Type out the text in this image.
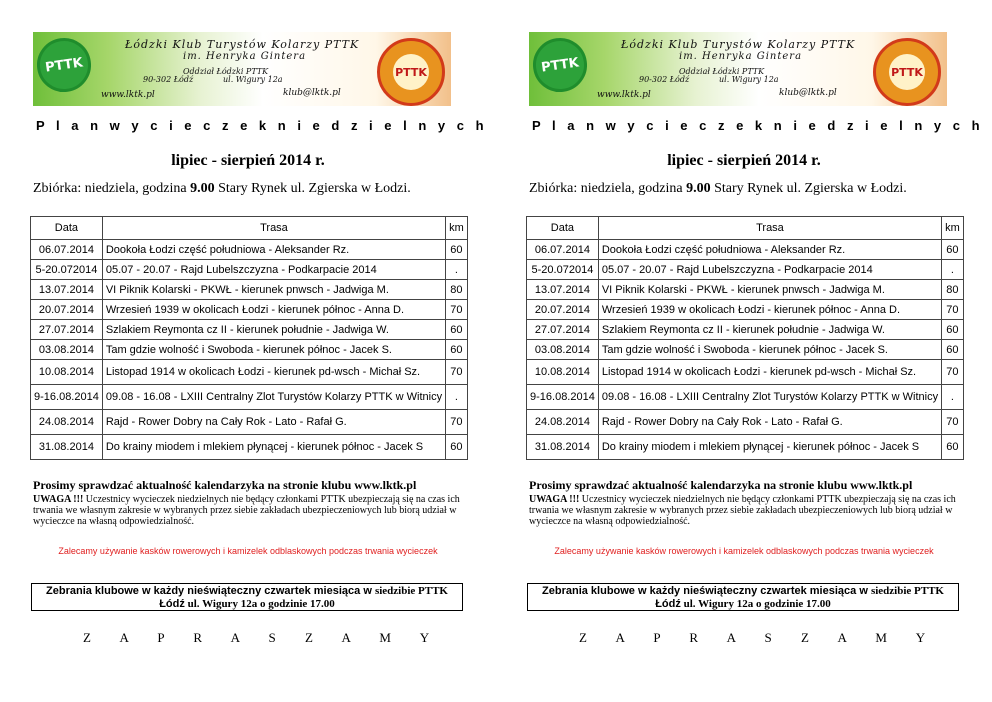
PTTK	PTTK
Łódzki Klub Turystów Kolarzy PTTK
im. Henryka Gintera
Oddział Łódzki PTTK
90-302 Łódź	ul. Wigury 12a
www.lktk.pl	klub@lktk.pl
P l a n w y c i e c z e k n i e d z i e l n y c h
lipiec - sierpień 2014 r.
Zbiórka: niedziela, godzina 9.00 Stary Rynek ul. Zgierska w Łodzi.
Data	Trasa	km
06.07.2014	Dookoła Łodzi część południowa - Aleksander Rz.	60
5-20.072014	05.07 - 20.07 - Rajd Lubelszczyzna - Podkarpacie 2014	.
13.07.2014	VI Piknik Kolarski - PKWŁ - kierunek pnwsch - Jadwiga M.	80
20.07.2014	Wrzesień 1939 w okolicach Łodzi - kierunek północ - Anna D.	70
27.07.2014	Szlakiem Reymonta cz II - kierunek południe - Jadwiga W.	60
03.08.2014	Tam gdzie wolność i Swoboda - kierunek północ - Jacek S.	60
10.08.2014	Listopad 1914 w okolicach Łodzi - kierunek pd-wsch - Michał Sz.	70
9-16.08.2014	09.08 - 16.08 - LXIII Centralny Zlot Turystów Kolarzy PTTK w Witnicy	.
24.08.2014	Rajd - Rower Dobry na Cały Rok - Lato - Rafał G.	70
31.08.2014	Do krainy miodem i mlekiem płynącej - kierunek północ - Jacek S	60
Prosimy sprawdzać aktualność kalendarzyka na stronie klubu www.lktk.pl
UWAGA !!! Uczestnicy wycieczek niedzielnych nie będący członkami PTTK ubezpieczają się na czas ich trwania we własnym zakresie w wybranych przez siebie zakładach ubezpieczeniowych lub biorą udział w wycieczce na własną odpowiedzialność.
Zalecamy używanie kasków rowerowych i kamizelek odblaskowych podczas trwania wycieczek
Zebrania klubowe w każdy nieświąteczny czwartek miesiąca w siedzibie PTTK
Łódź ul. Wigury 12a o godzinie 17.00
Z A P R A S Z A M Y
PTTK	PTTK
Łódzki Klub Turystów Kolarzy PTTK
im. Henryka Gintera
Oddział Łódzki PTTK
90-302 Łódź	ul. Wigury 12a
www.lktk.pl	klub@lktk.pl
P l a n w y c i e c z e k n i e d z i e l n y c h
lipiec - sierpień 2014 r.
Zbiórka: niedziela, godzina 9.00 Stary Rynek ul. Zgierska w Łodzi.
Data	Trasa	km
06.07.2014	Dookoła Łodzi część południowa - Aleksander Rz.	60
5-20.072014	05.07 - 20.07 - Rajd Lubelszczyzna - Podkarpacie 2014	.
13.07.2014	VI Piknik Kolarski - PKWŁ - kierunek pnwsch - Jadwiga M.	80
20.07.2014	Wrzesień 1939 w okolicach Łodzi - kierunek północ - Anna D.	70
27.07.2014	Szlakiem Reymonta cz II - kierunek południe - Jadwiga W.	60
03.08.2014	Tam gdzie wolność i Swoboda - kierunek północ - Jacek S.	60
10.08.2014	Listopad 1914 w okolicach Łodzi - kierunek pd-wsch - Michał Sz.	70
9-16.08.2014	09.08 - 16.08 - LXIII Centralny Zlot Turystów Kolarzy PTTK w Witnicy	.
24.08.2014	Rajd - Rower Dobry na Cały Rok - Lato - Rafał G.	70
31.08.2014	Do krainy miodem i mlekiem płynącej - kierunek północ - Jacek S	60
Prosimy sprawdzać aktualność kalendarzyka na stronie klubu www.lktk.pl
UWAGA !!! Uczestnicy wycieczek niedzielnych nie będący członkami PTTK ubezpieczają się na czas ich trwania we własnym zakresie w wybranych przez siebie zakładach ubezpieczeniowych lub biorą udział w wycieczce na własną odpowiedzialność.
Zalecamy używanie kasków rowerowych i kamizelek odblaskowych podczas trwania wycieczek
Zebrania klubowe w każdy nieświąteczny czwartek miesiąca w siedzibie PTTK
Łódź ul. Wigury 12a o godzinie 17.00
Z A P R A S Z A M Y
